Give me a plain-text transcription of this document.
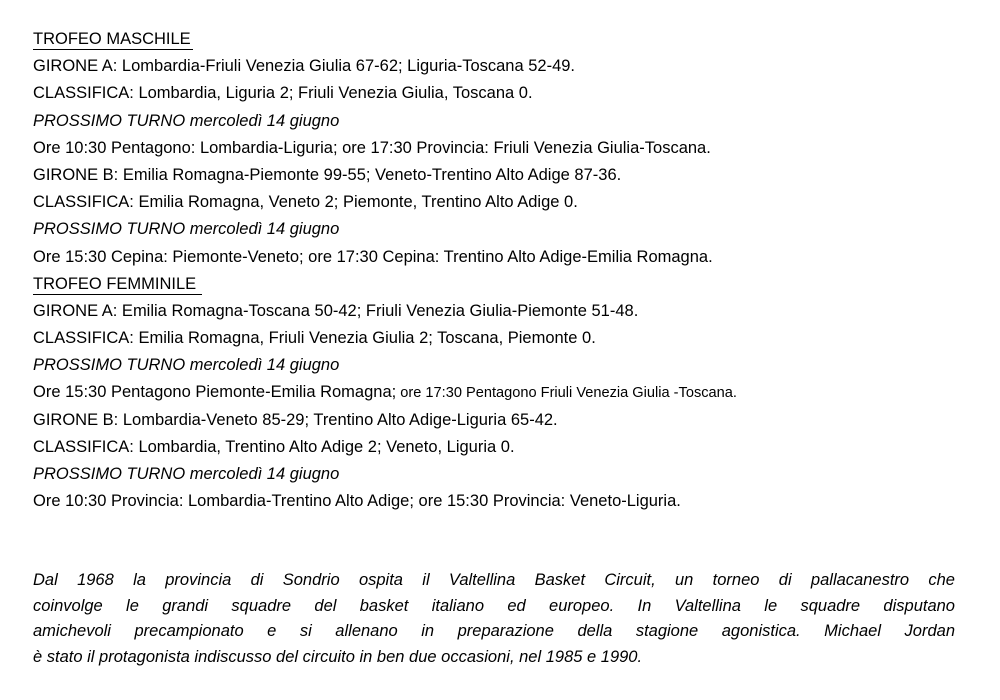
TROFEO MASCHILE
GIRONE A: Lombardia-Friuli Venezia Giulia 67-62; Liguria-Toscana 52-49.
CLASSIFICA: Lombardia, Liguria 2; Friuli Venezia Giulia, Toscana 0.
PROSSIMO TURNO mercoledì 14 giugno
Ore 10:30 Pentagono: Lombardia-Liguria; ore 17:30 Provincia: Friuli Venezia Giulia-Toscana.
GIRONE B: Emilia Romagna-Piemonte 99-55; Veneto-Trentino Alto Adige 87-36.
CLASSIFICA: Emilia Romagna, Veneto 2; Piemonte, Trentino Alto Adige 0.
PROSSIMO TURNO mercoledì 14 giugno
Ore 15:30 Cepina: Piemonte-Veneto; ore 17:30 Cepina: Trentino Alto Adige-Emilia Romagna.
TROFEO FEMMINILE
GIRONE A: Emilia Romagna-Toscana 50-42; Friuli Venezia Giulia-Piemonte 51-48.
CLASSIFICA: Emilia Romagna, Friuli Venezia Giulia 2; Toscana, Piemonte 0.
PROSSIMO TURNO mercoledì 14 giugno
Ore 15:30 Pentagono Piemonte-Emilia Romagna; ore 17:30 Pentagono Friuli Venezia Giulia -Toscana.
GIRONE B: Lombardia-Veneto 85-29; Trentino Alto Adige-Liguria 65-42.
CLASSIFICA: Lombardia, Trentino Alto Adige 2; Veneto, Liguria 0.
PROSSIMO TURNO mercoledì 14 giugno
Ore 10:30 Provincia: Lombardia-Trentino Alto Adige; ore 15:30 Provincia: Veneto-Liguria.
Dal 1968 la provincia di Sondrio ospita il Valtellina Basket Circuit, un torneo di pallacanestro che
coinvolge le grandi squadre del basket italiano ed europeo. In Valtellina le squadre disputano
amichevoli precampionato e si allenano in preparazione della stagione agonistica. Michael Jordan
è stato il protagonista indiscusso del circuito in ben due occasioni, nel 1985 e 1990.
